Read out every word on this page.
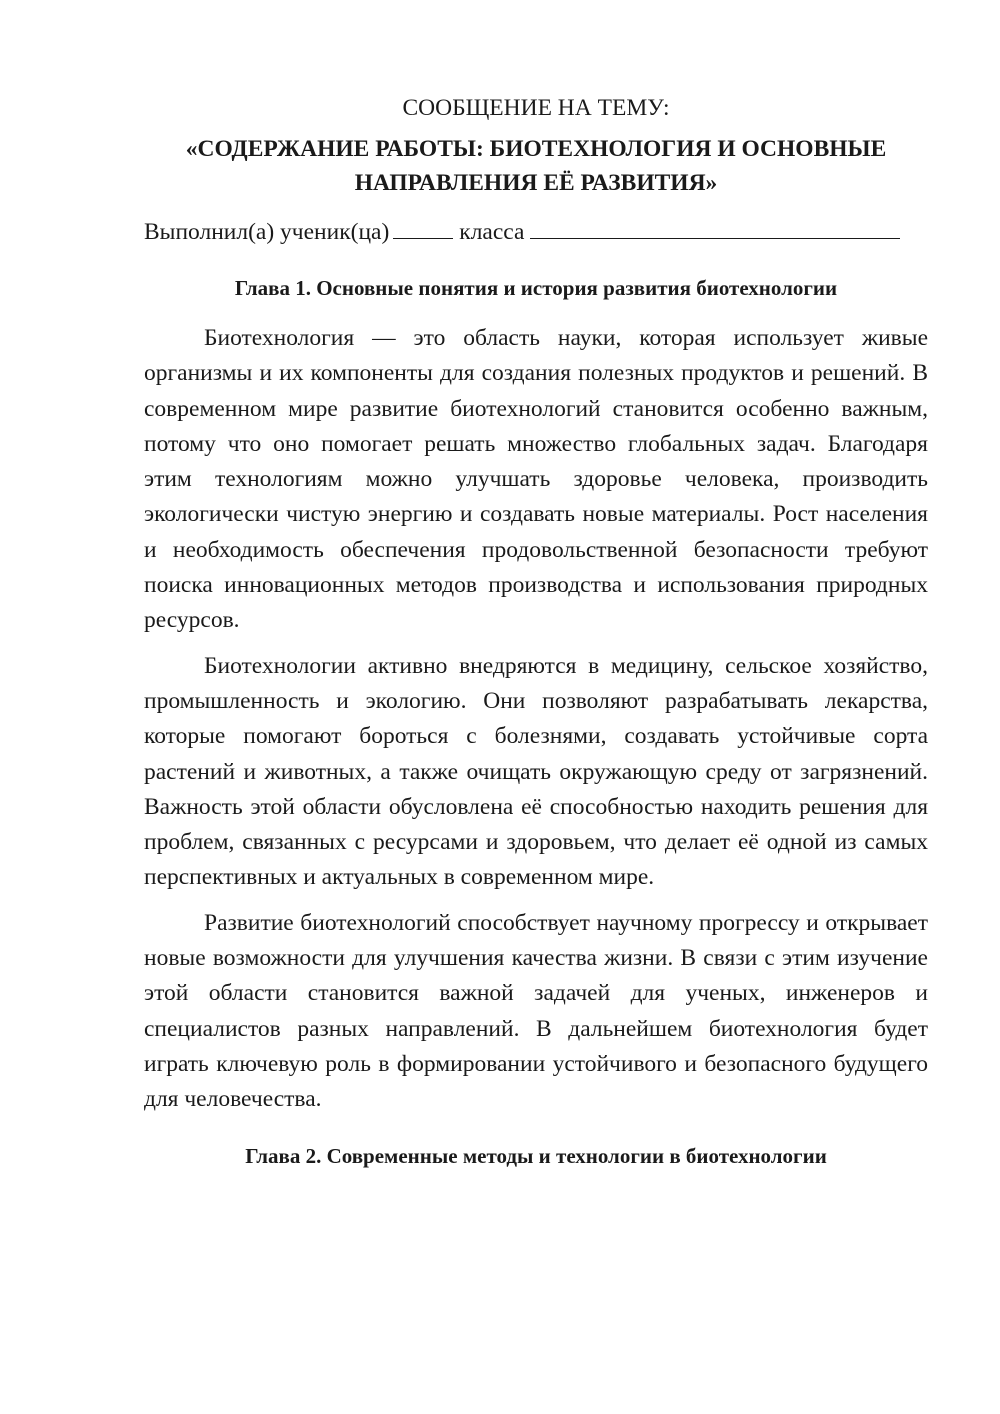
СООБЩЕНИЕ НА ТЕМУ:

«СОДЕРЖАНИЕ РАБОТЫ: БИОТЕХНОЛОГИЯ И ОСНОВНЫЕ
НАПРАВЛЕНИЯ ЕЁ РАЗВИТИЯ»

Выполнил(а) ученик(ца)	класса

Глава 1. Основные понятия и история развития биотехнологии

Биотехнология — это область науки, которая использует живые организмы и их компоненты для создания полезных продуктов и решений. В современном мире развитие биотехнологий становится особенно важным, потому что оно помогает решать множество глобальных задач. Благодаря этим технологиям можно улучшать здоровье человека, производить экологически чистую энергию и создавать новые материалы. Рост населения и необходимость обеспечения продовольственной безопасности требуют поиска инновационных методов производства и использования природных ресурсов.

Биотехнологии активно внедряются в медицину, сельское хозяйство, промышленность и экологию. Они позволяют разрабатывать лекарства, которые помогают бороться с болезнями, создавать устойчивые сорта растений и животных, а также очищать окружающую среду от загрязнений. Важность этой области обусловлена её способностью находить решения для проблем, связанных с ресурсами и здоровьем, что делает её одной из самых перспективных и актуальных в современном мире.

Развитие биотехнологий способствует научному прогрессу и открывает новые возможности для улучшения качества жизни. В связи с этим изучение этой области становится важной задачей для ученых, инженеров и специалистов разных направлений. В дальнейшем биотехнология будет играть ключевую роль в формировании устойчивого и безопасного будущего для человечества.

Глава 2. Современные методы и технологии в биотехнологии
